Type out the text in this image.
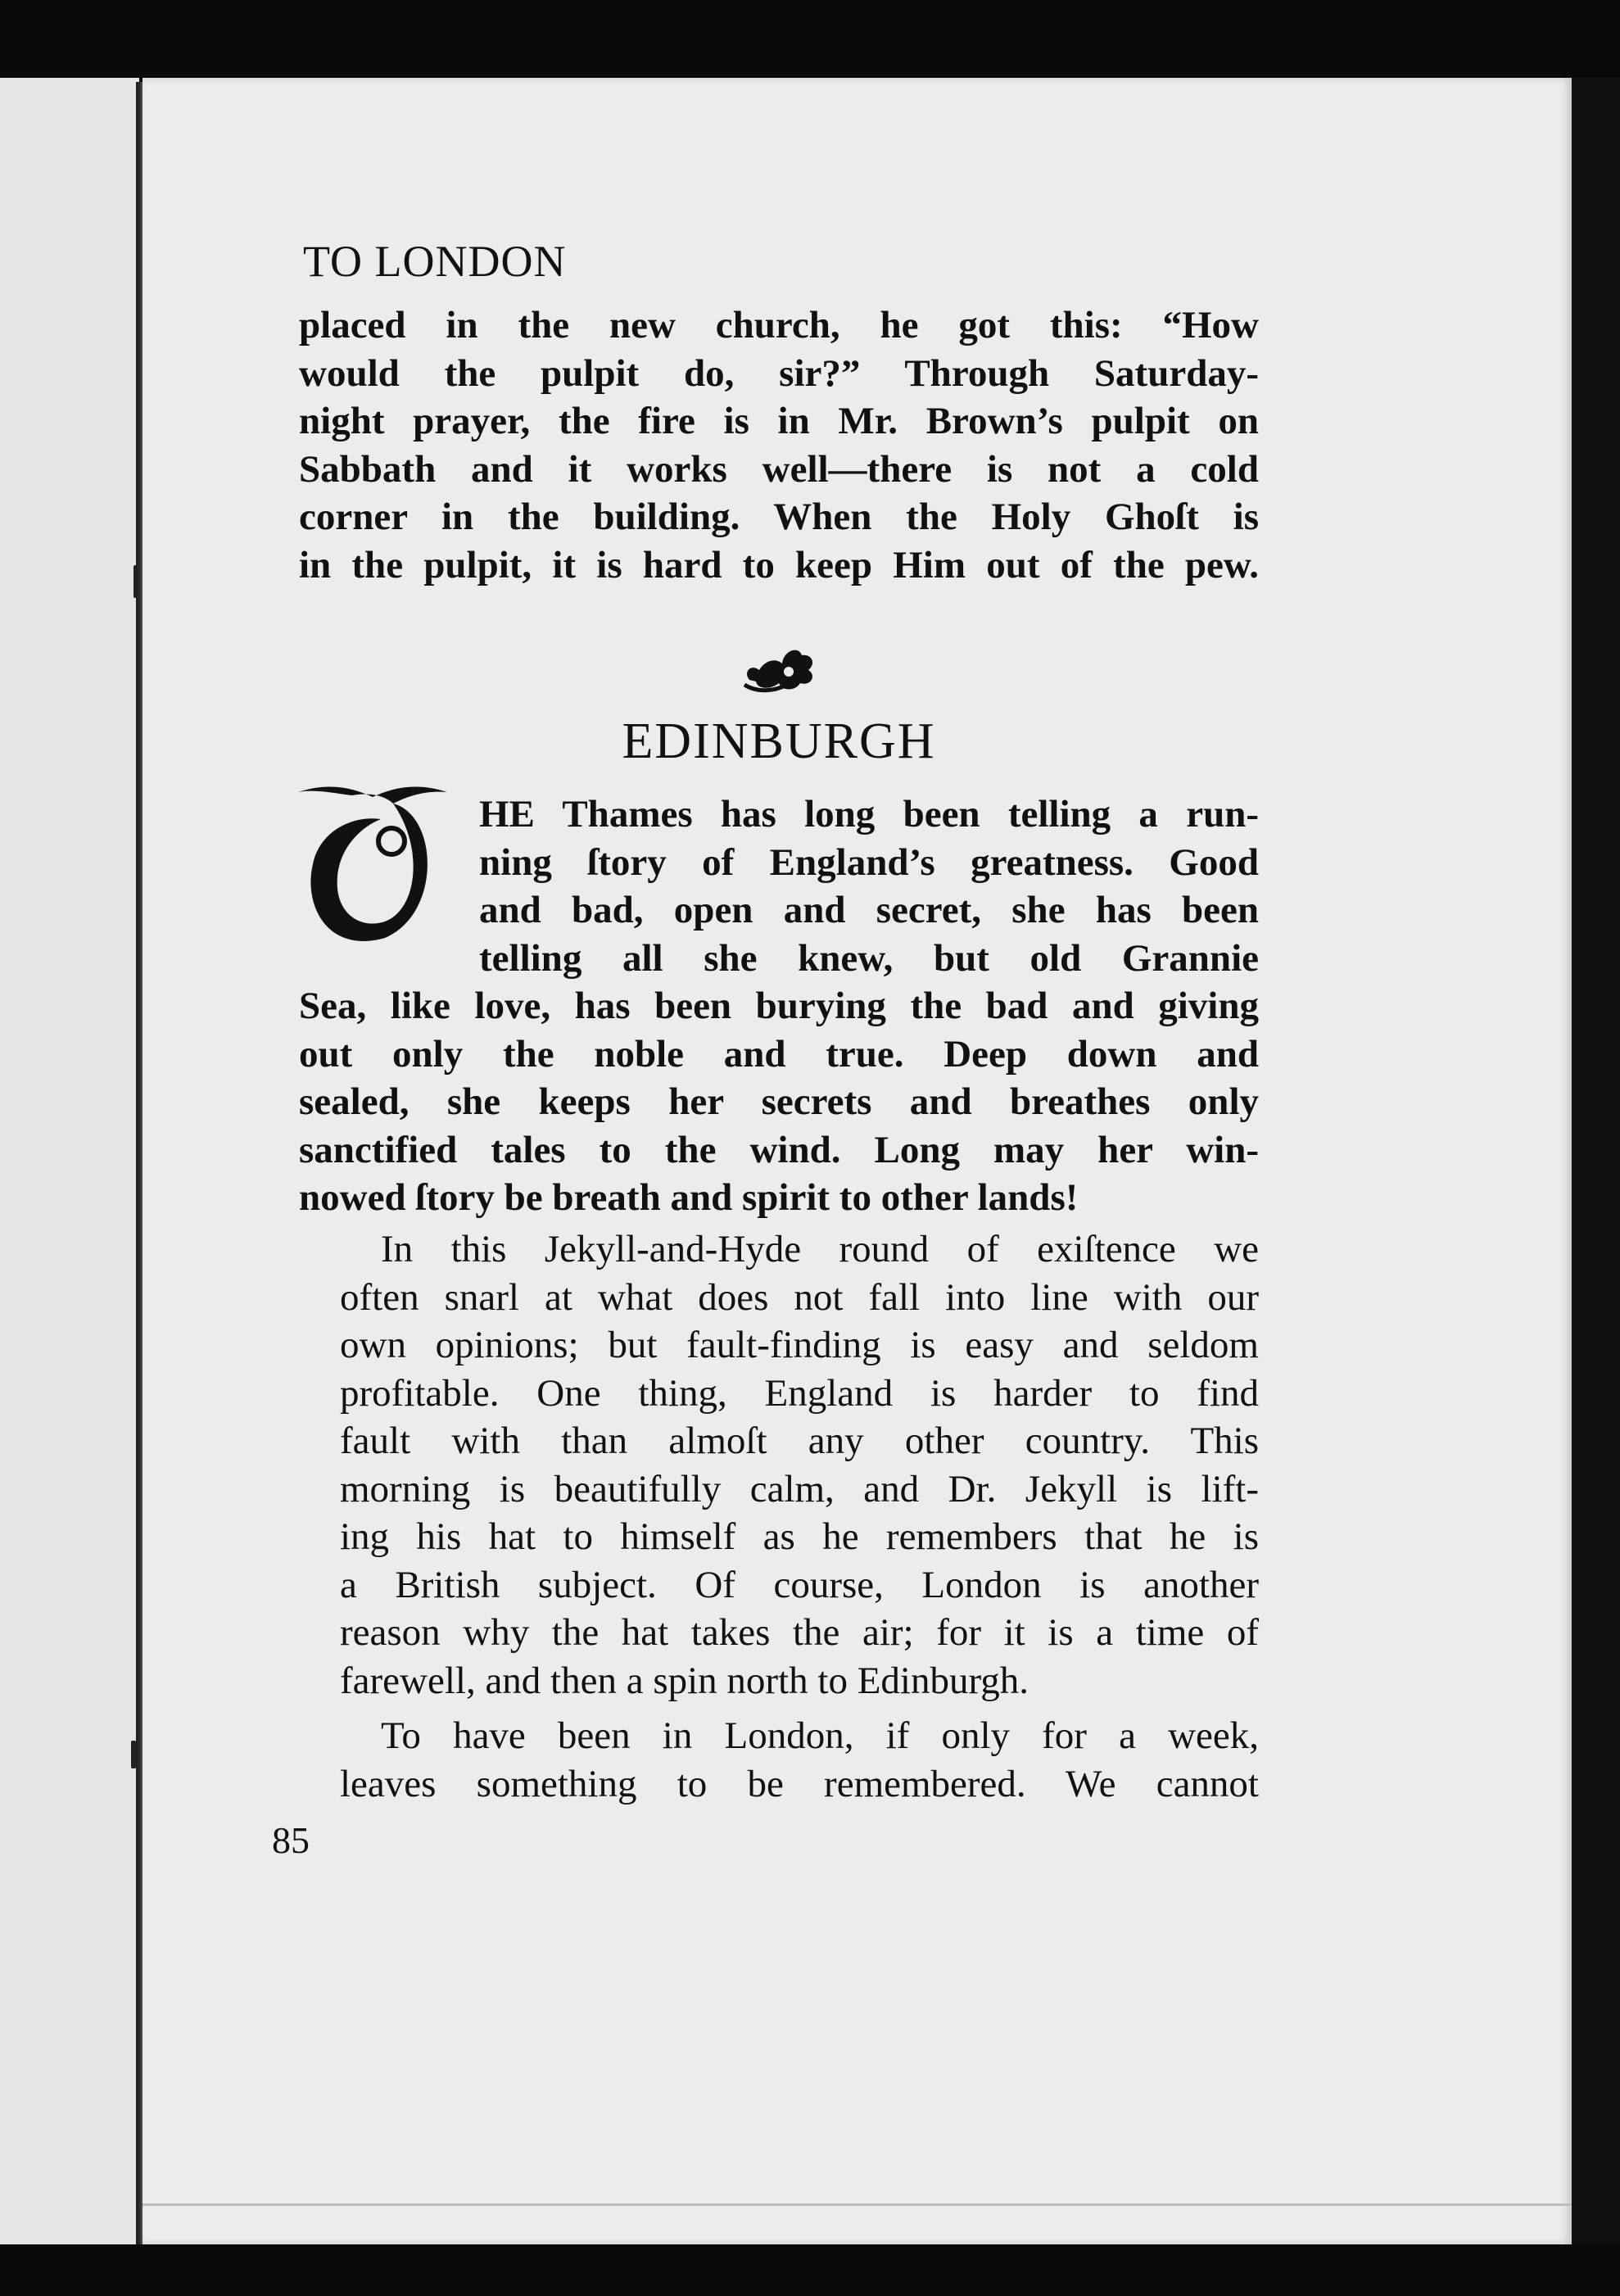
TO LONDON
placed in the new church, he got this: “How
would the pulpit do, sir?” Through Saturday-
night prayer, the fire is in Mr. Brown’s pulpit on
Sabbath and it works well—there is not a cold
corner in the building. When the Holy Ghoſt is
in the pulpit, it is hard to keep Him out of the pew.
EDINBURGH
HE Thames has long been telling a run-
ning ſtory of England’s greatness. Good
and bad, open and secret, she has been
telling all she knew, but old Grannie
Sea, like love, has been burying the bad and giving
out only the noble and true. Deep down and
sealed, she keeps her secrets and breathes only
sanctified tales to the wind. Long may her win-
nowed ſtory be breath and spirit to other lands!
In this Jekyll-and-Hyde round of exiſtence we
often snarl at what does not fall into line with our
own opinions; but fault-finding is easy and seldom
profitable. One thing, England is harder to find
fault with than almoſt any other country. This
morning is beautifully calm, and Dr. Jekyll is lift-
ing his hat to himself as he remembers that he is
a British subject. Of course, London is another
reason why the hat takes the air; for it is a time of
farewell, and then a spin north to Edinburgh.
To have been in London, if only for a week,
leaves something to be remembered. We cannot
85
